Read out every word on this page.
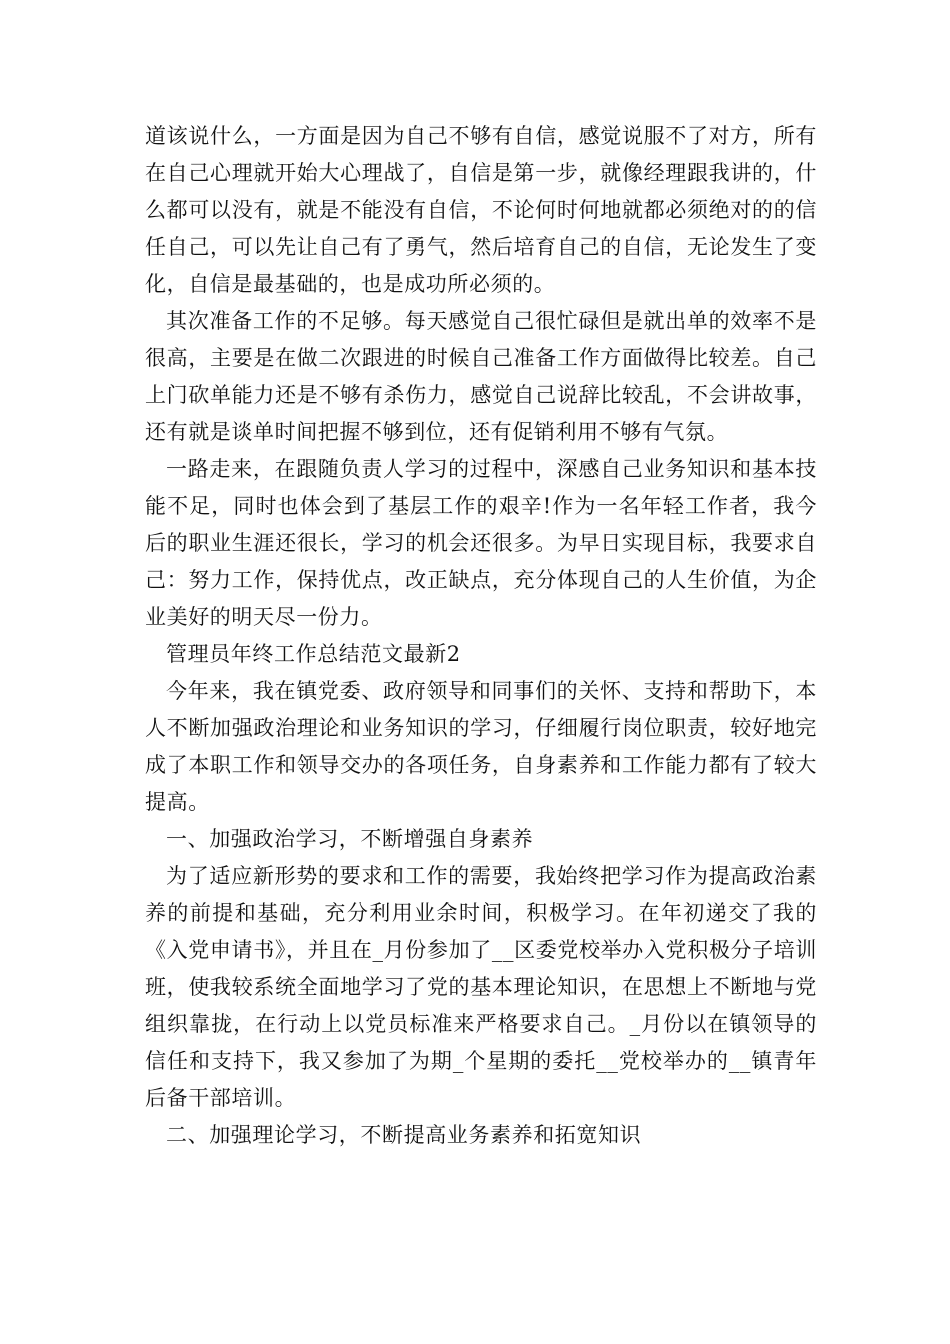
道该说什么，一方面是因为自己不够有自信，感觉说服不了对方，所有在自己心理就开始大心理战了，自信是第一步，就像经理跟我讲的，什么都可以没有，就是不能没有自信，不论何时何地就都必须绝对的的信任自己，可以先让自己有了勇气，然后培育自己的自信，无论发生了变化，自信是最基础的，也是成功所必须的。

其次准备工作的不足够。每天感觉自己很忙碌但是就出单的效率不是很高，主要是在做二次跟进的时候自己准备工作方面做得比较差。自己上门砍单能力还是不够有杀伤力，感觉自己说辞比较乱，不会讲故事，还有就是谈单时间把握不够到位，还有促销利用不够有气氛。

一路走来，在跟随负责人学习的过程中，深感自己业务知识和基本技能不足，同时也体会到了基层工作的艰辛!作为一名年轻工作者，我今后的职业生涯还很长，学习的机会还很多。为早日实现目标，我要求自己：努力工作，保持优点，改正缺点，充分体现自己的人生价值，为企业美好的明天尽一份力。

管理员年终工作总结范文最新2

今年来，我在镇党委、政府领导和同事们的关怀、支持和帮助下，本人不断加强政治理论和业务知识的学习，仔细履行岗位职责，较好地完成了本职工作和领导交办的各项任务，自身素养和工作能力都有了较大提高。

一、加强政治学习，不断增强自身素养

为了适应新形势的要求和工作的需要，我始终把学习作为提高政治素养的前提和基础，充分利用业余时间，积极学习。在年初递交了我的《入党申请书》，并且在_月份参加了__区委党校举办入党积极分子培训班，使我较系统全面地学习了党的基本理论知识，在思想上不断地与党组织靠拢，在行动上以党员标准来严格要求自己。_月份以在镇领导的信任和支持下，我又参加了为期_个星期的委托__党校举办的__镇青年后备干部培训。

二、加强理论学习，不断提高业务素养和拓宽知识
